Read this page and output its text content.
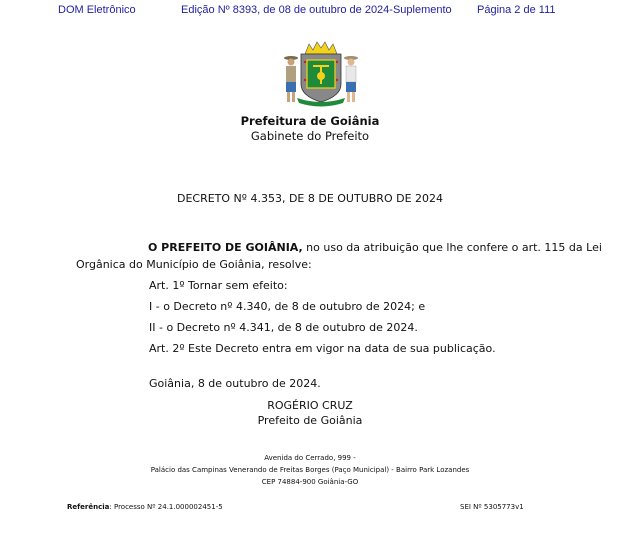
DOM Eletrônico	Edição Nº 8393, de 08 de outubro de 2024-Suplemento Página 2 de 111
Prefeitura de Goiânia
Gabinete do Prefeito
DECRETO Nº 4.353, DE 8 DE OUTUBRO DE 2024
O PREFEITO DE GOIÂNIA, no uso da atribuição que lhe confere o art. 115 da Lei
Orgânica do Município de Goiânia, resolve:
Art. 1º Tornar sem efeito:
I - o Decreto nº 4.340, de 8 de outubro de 2024; e
II - o Decreto nº 4.341, de 8 de outubro de 2024.
Art. 2º Este Decreto entra em vigor na data de sua publicação.
Goiânia, 8 de outubro de 2024.
ROGÉRIO CRUZ
Prefeito de Goiânia
Avenida do Cerrado, 999 -
Palácio das Campinas Venerando de Freitas Borges (Paço Municipal) - Bairro Park Lozandes
CEP 74884-900 Goiânia-GO
Referência: Processo Nº 24.1.000002451-5	SEI Nº 5305773v1
